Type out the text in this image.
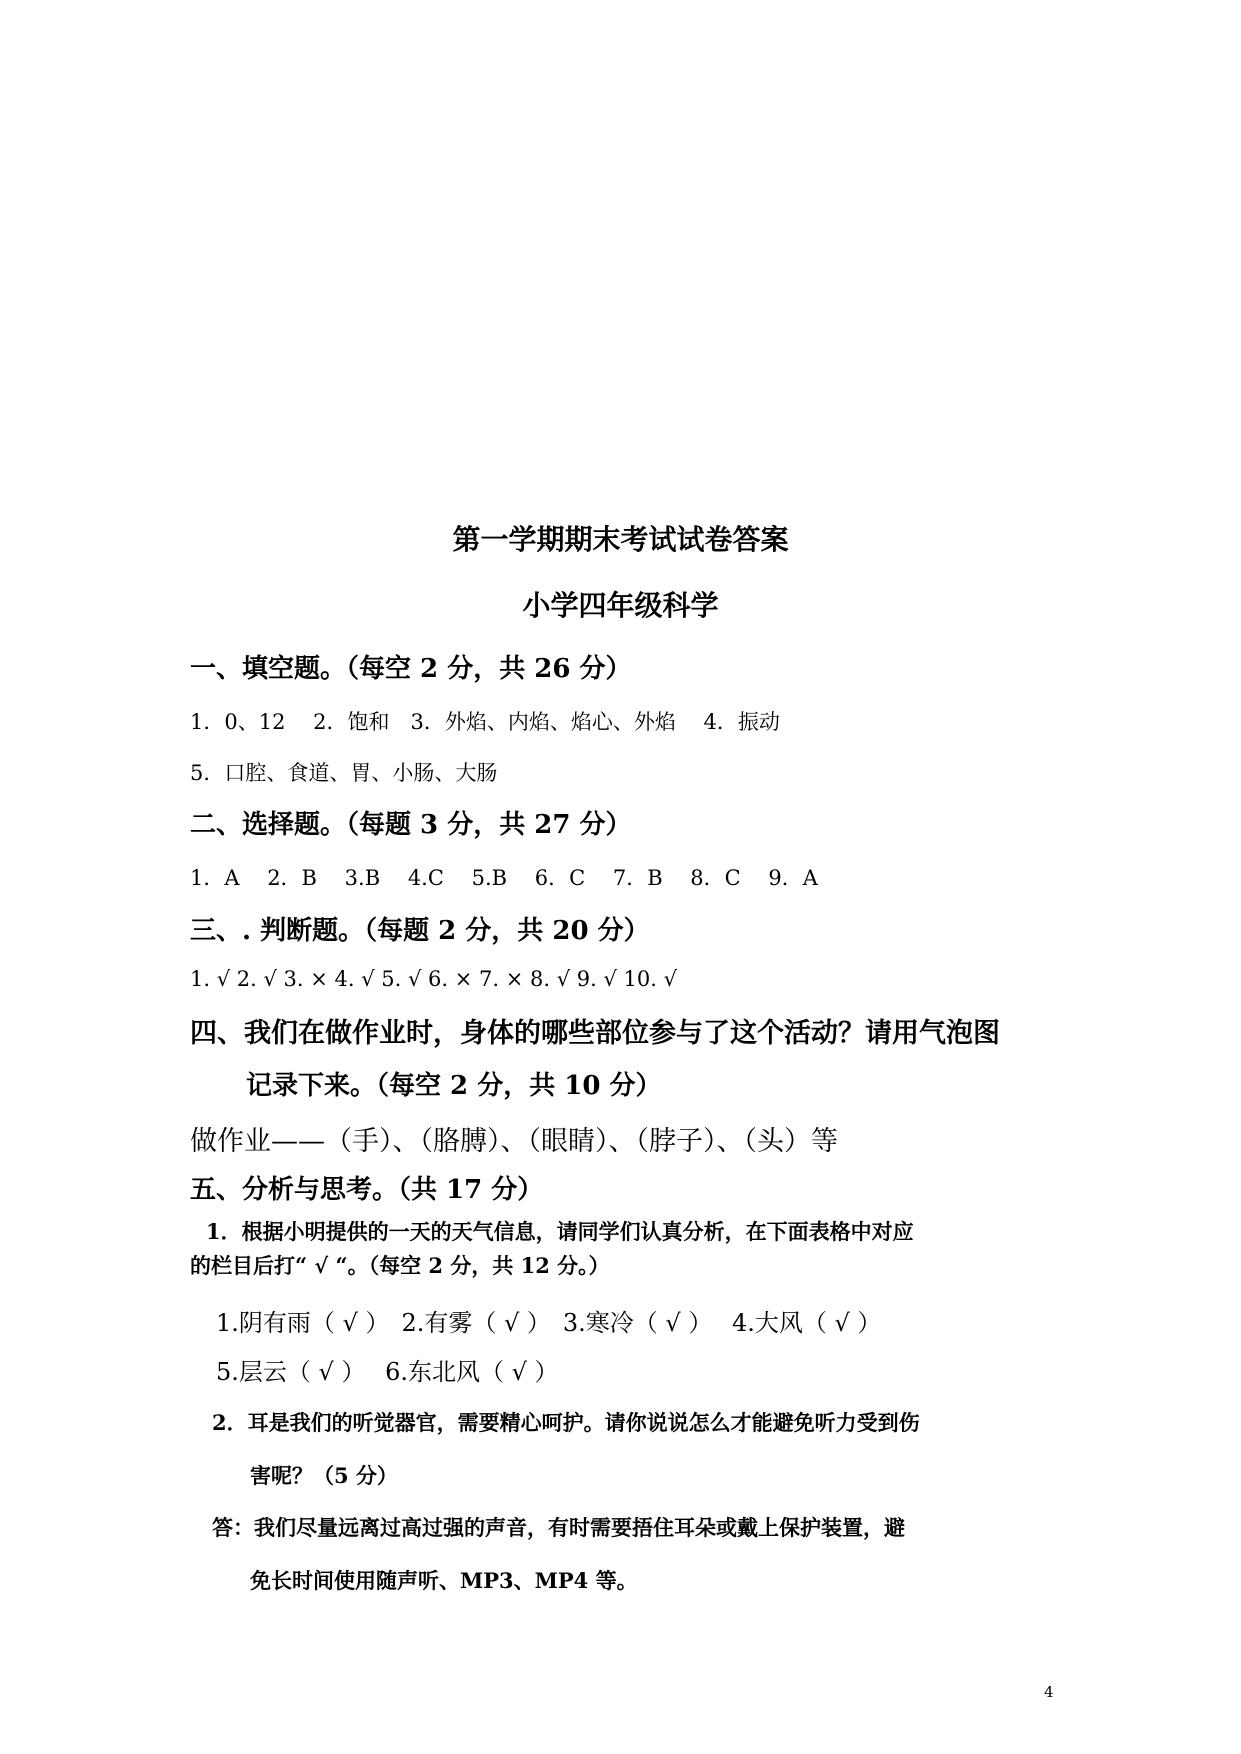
第一学期期末考试试卷答案
小学四年级科学
一、填空题。（每空 2 分，共 26 分）
1．0、12　 2．饱和　3．外焰、内焰、焰心、外焰　 4．振动
5．口腔、食道、胃、小肠、大肠
二、选择题。（每题 3 分，共 27 分）
1．A　 2．B　 3.B　 4.C　 5.B　 6．C　 7．B　 8．C　 9．A
三、. 判断题。（每题 2 分，共 20 分）
1. √ 2. √ 3. × 4. √ 5. √ 6. × 7. × 8. √ 9. √ 10. √
四、我们在做作业时，身体的哪些部位参与了这个活动？请用气泡图
记录下来。（每空 2 分，共 10 分）
做作业——（手）、（胳膊）、（眼睛）、（脖子）、（头）等
五、分析与思考。（共 17 分）
1．根据小明提供的一天的天气信息，请同学们认真分析，在下面表格中对应
的栏目后打“ √ “。（每空 2 分，共 12 分。）
1.阴有雨（ √ ）　2.有雾（ √ ）　3.寒冷（ √ ）　 4.大风（ √ ）
5.层云（ √ ）　 6.东北风（ √ ）
2．耳是我们的听觉器官，需要精心呵护。请你说说怎么才能避免听力受到伤
害呢？（5 分）
答：我们尽量远离过高过强的声音，有时需要捂住耳朵或戴上保护装置，避
免长时间使用随声听、MP3、MP4 等。
4
